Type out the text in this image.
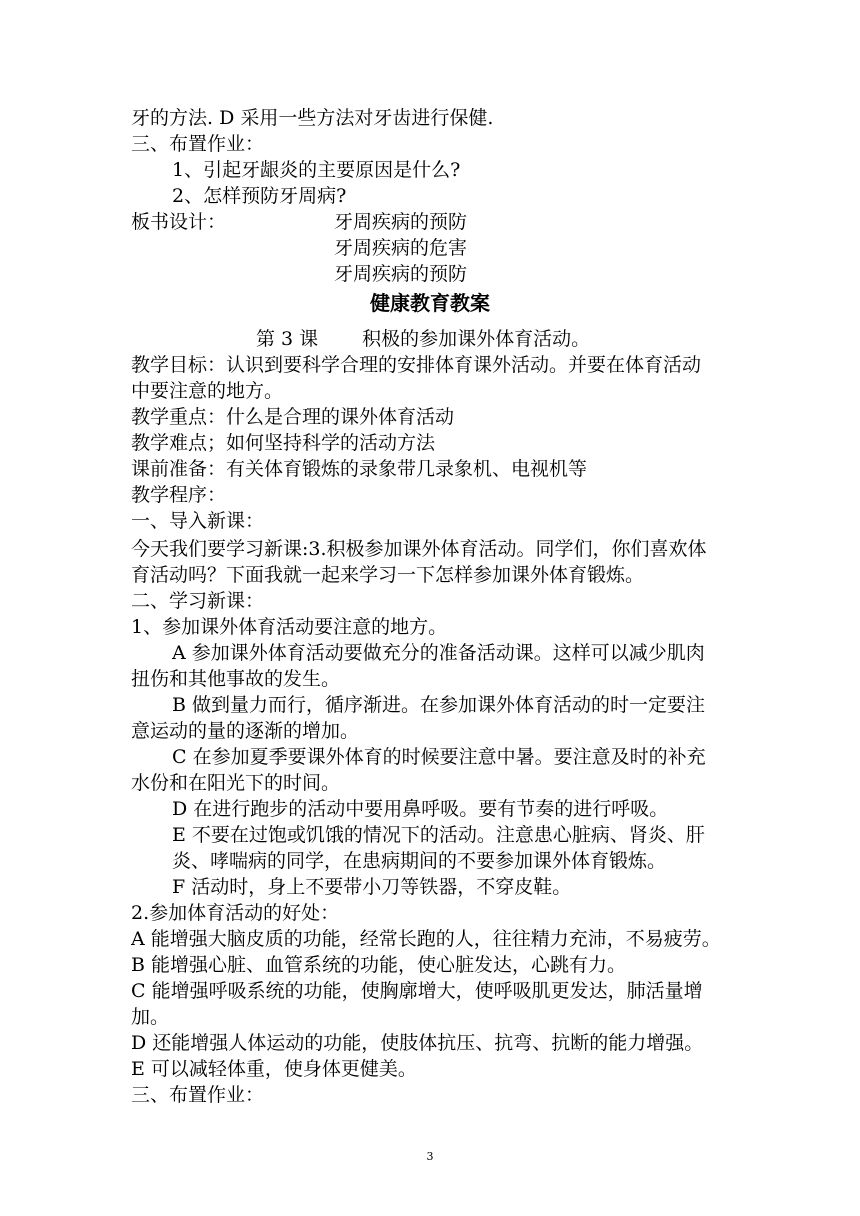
牙的方法. D 采用一些方法对牙齿进行保健.
三、布置作业：
1、引起牙龈炎的主要原因是什么?
2、怎样预防牙周病?
板书设计：	牙周疾病的预防
牙周疾病的危害
牙周疾病的预防
健康教育教案
第 3 课 积极的参加课外体育活动。
教学目标：认识到要科学合理的安排体育课外活动。并要在体育活动
中要注意的地方。
教学重点：什么是合理的课外体育活动
教学难点；如何坚持科学的活动方法
课前准备：有关体育锻炼的录象带几录象机、电视机等
教学程序：
一、导入新课：
今天我们要学习新课:3.积极参加课外体育活动。同学们，你们喜欢体
育活动吗？下面我就一起来学习一下怎样参加课外体育锻炼。
二、学习新课：
1、参加课外体育活动要注意的地方。
A 参加课外体育活动要做充分的准备活动课。这样可以减少肌肉
扭伤和其他事故的发生。
B 做到量力而行，循序渐进。在参加课外体育活动的时一定要注
意运动的量的逐渐的增加。
C 在参加夏季要课外体育的时候要注意中暑。要注意及时的补充
水份和在阳光下的时间。
D 在进行跑步的活动中要用鼻呼吸。要有节奏的进行呼吸。
E 不要在过饱或饥饿的情况下的活动。注意患心脏病、肾炎、肝
炎、哮喘病的同学，在患病期间的不要参加课外体育锻炼。
F 活动时，身上不要带小刀等铁器，不穿皮鞋。
2.参加体育活动的好处：
A 能增强大脑皮质的功能，经常长跑的人，往往精力充沛，不易疲劳。
B 能增强心脏、血管系统的功能，使心脏发达，心跳有力。
C 能增强呼吸系统的功能，使胸廓增大，使呼吸肌更发达，肺活量增
加。
D 还能增强人体运动的功能，使肢体抗压、抗弯、抗断的能力增强。
E 可以减轻体重，使身体更健美。
三、布置作业：
3
